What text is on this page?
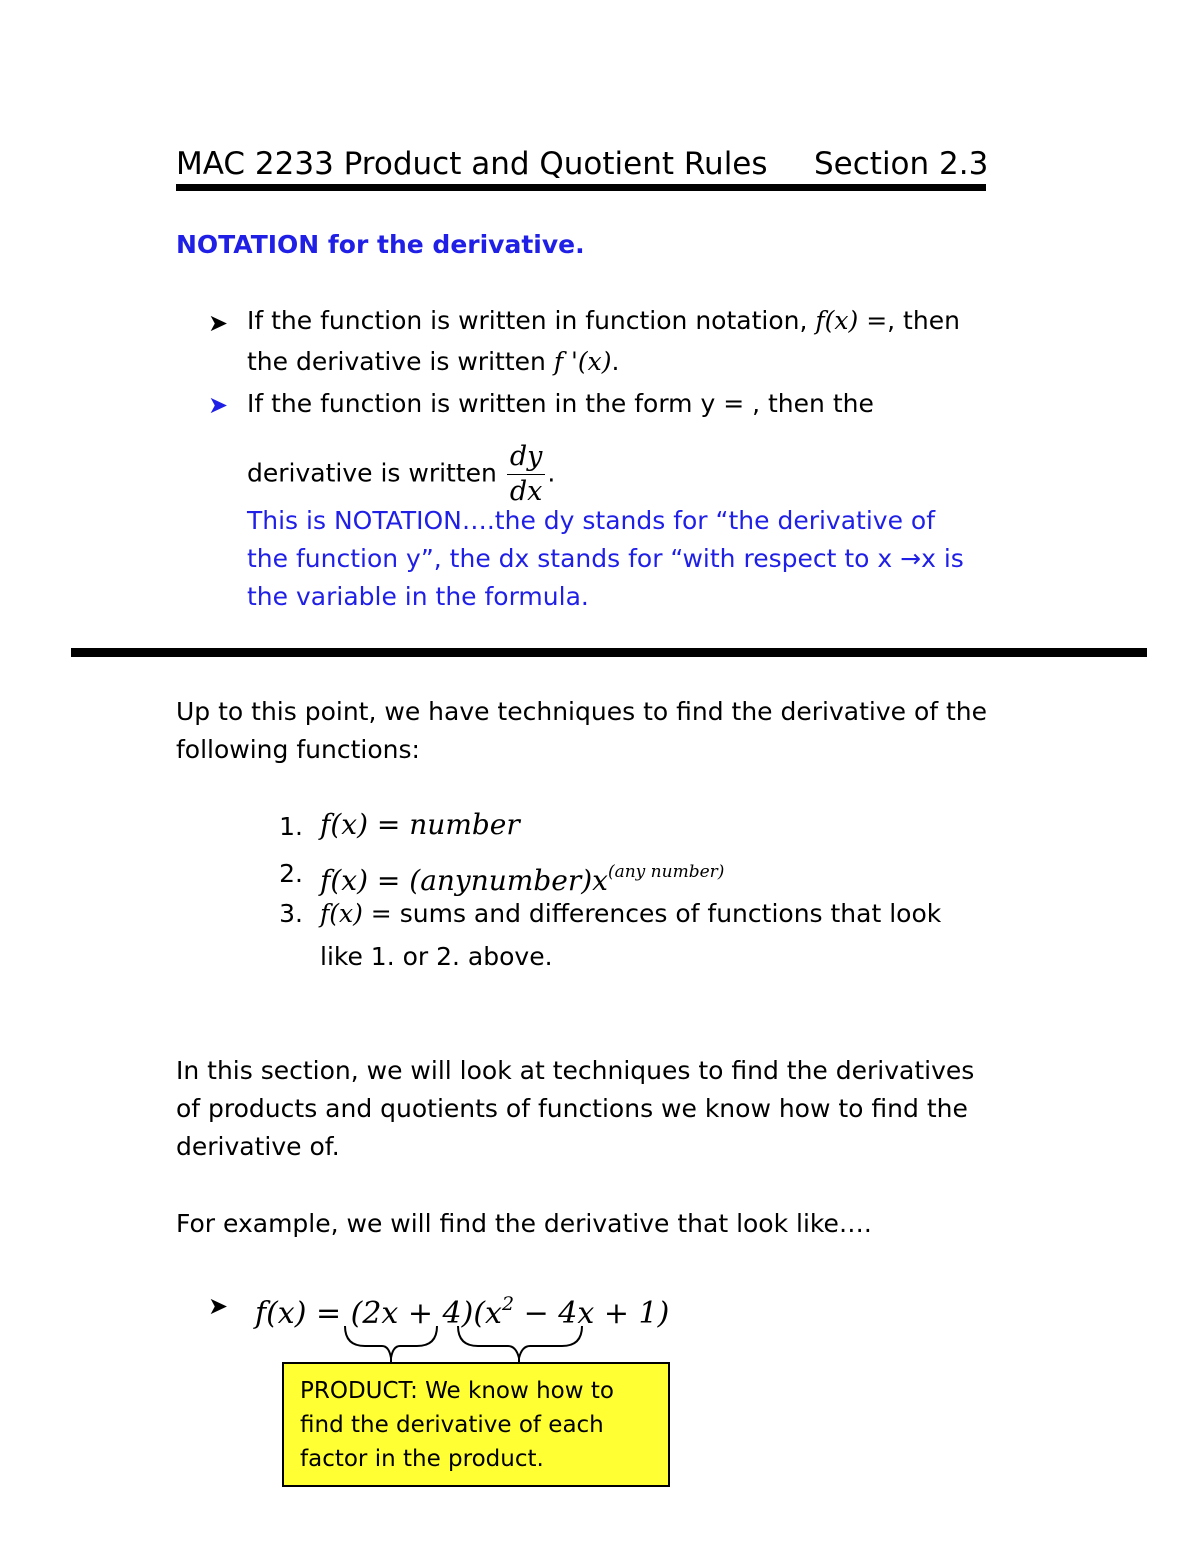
MAC 2233 Product and Quotient Rules Section 2.3
NOTATION for the derivative.
➤ If the function is written in function notation, f(x) =, then
the derivative is written f '(x).
➤ If the function is written in the form y = , then the
derivative is written $\frac{dy}{dx}$ .
This is NOTATION….the dy stands for “the derivative of
the function y”, the dx stands for “with respect to x →x is
the variable in the formula.
Up to this point, we have techniques to find the derivative of the
following functions:
1. f(x) = number
2. $f(x) = (anynumber)x^{(any number)}$
3. f(x) = sums and differences of functions that look
like 1. or 2. above.
In this section, we will look at techniques to find the derivatives
of products and quotients of functions we know how to find the
derivative of.
For example, we will find the derivative that look like….
➤ $f(x) = (2x + 4)(x^2 - 4x + 1)$
PRODUCT: We know how to find the derivative of each factor in the product.
